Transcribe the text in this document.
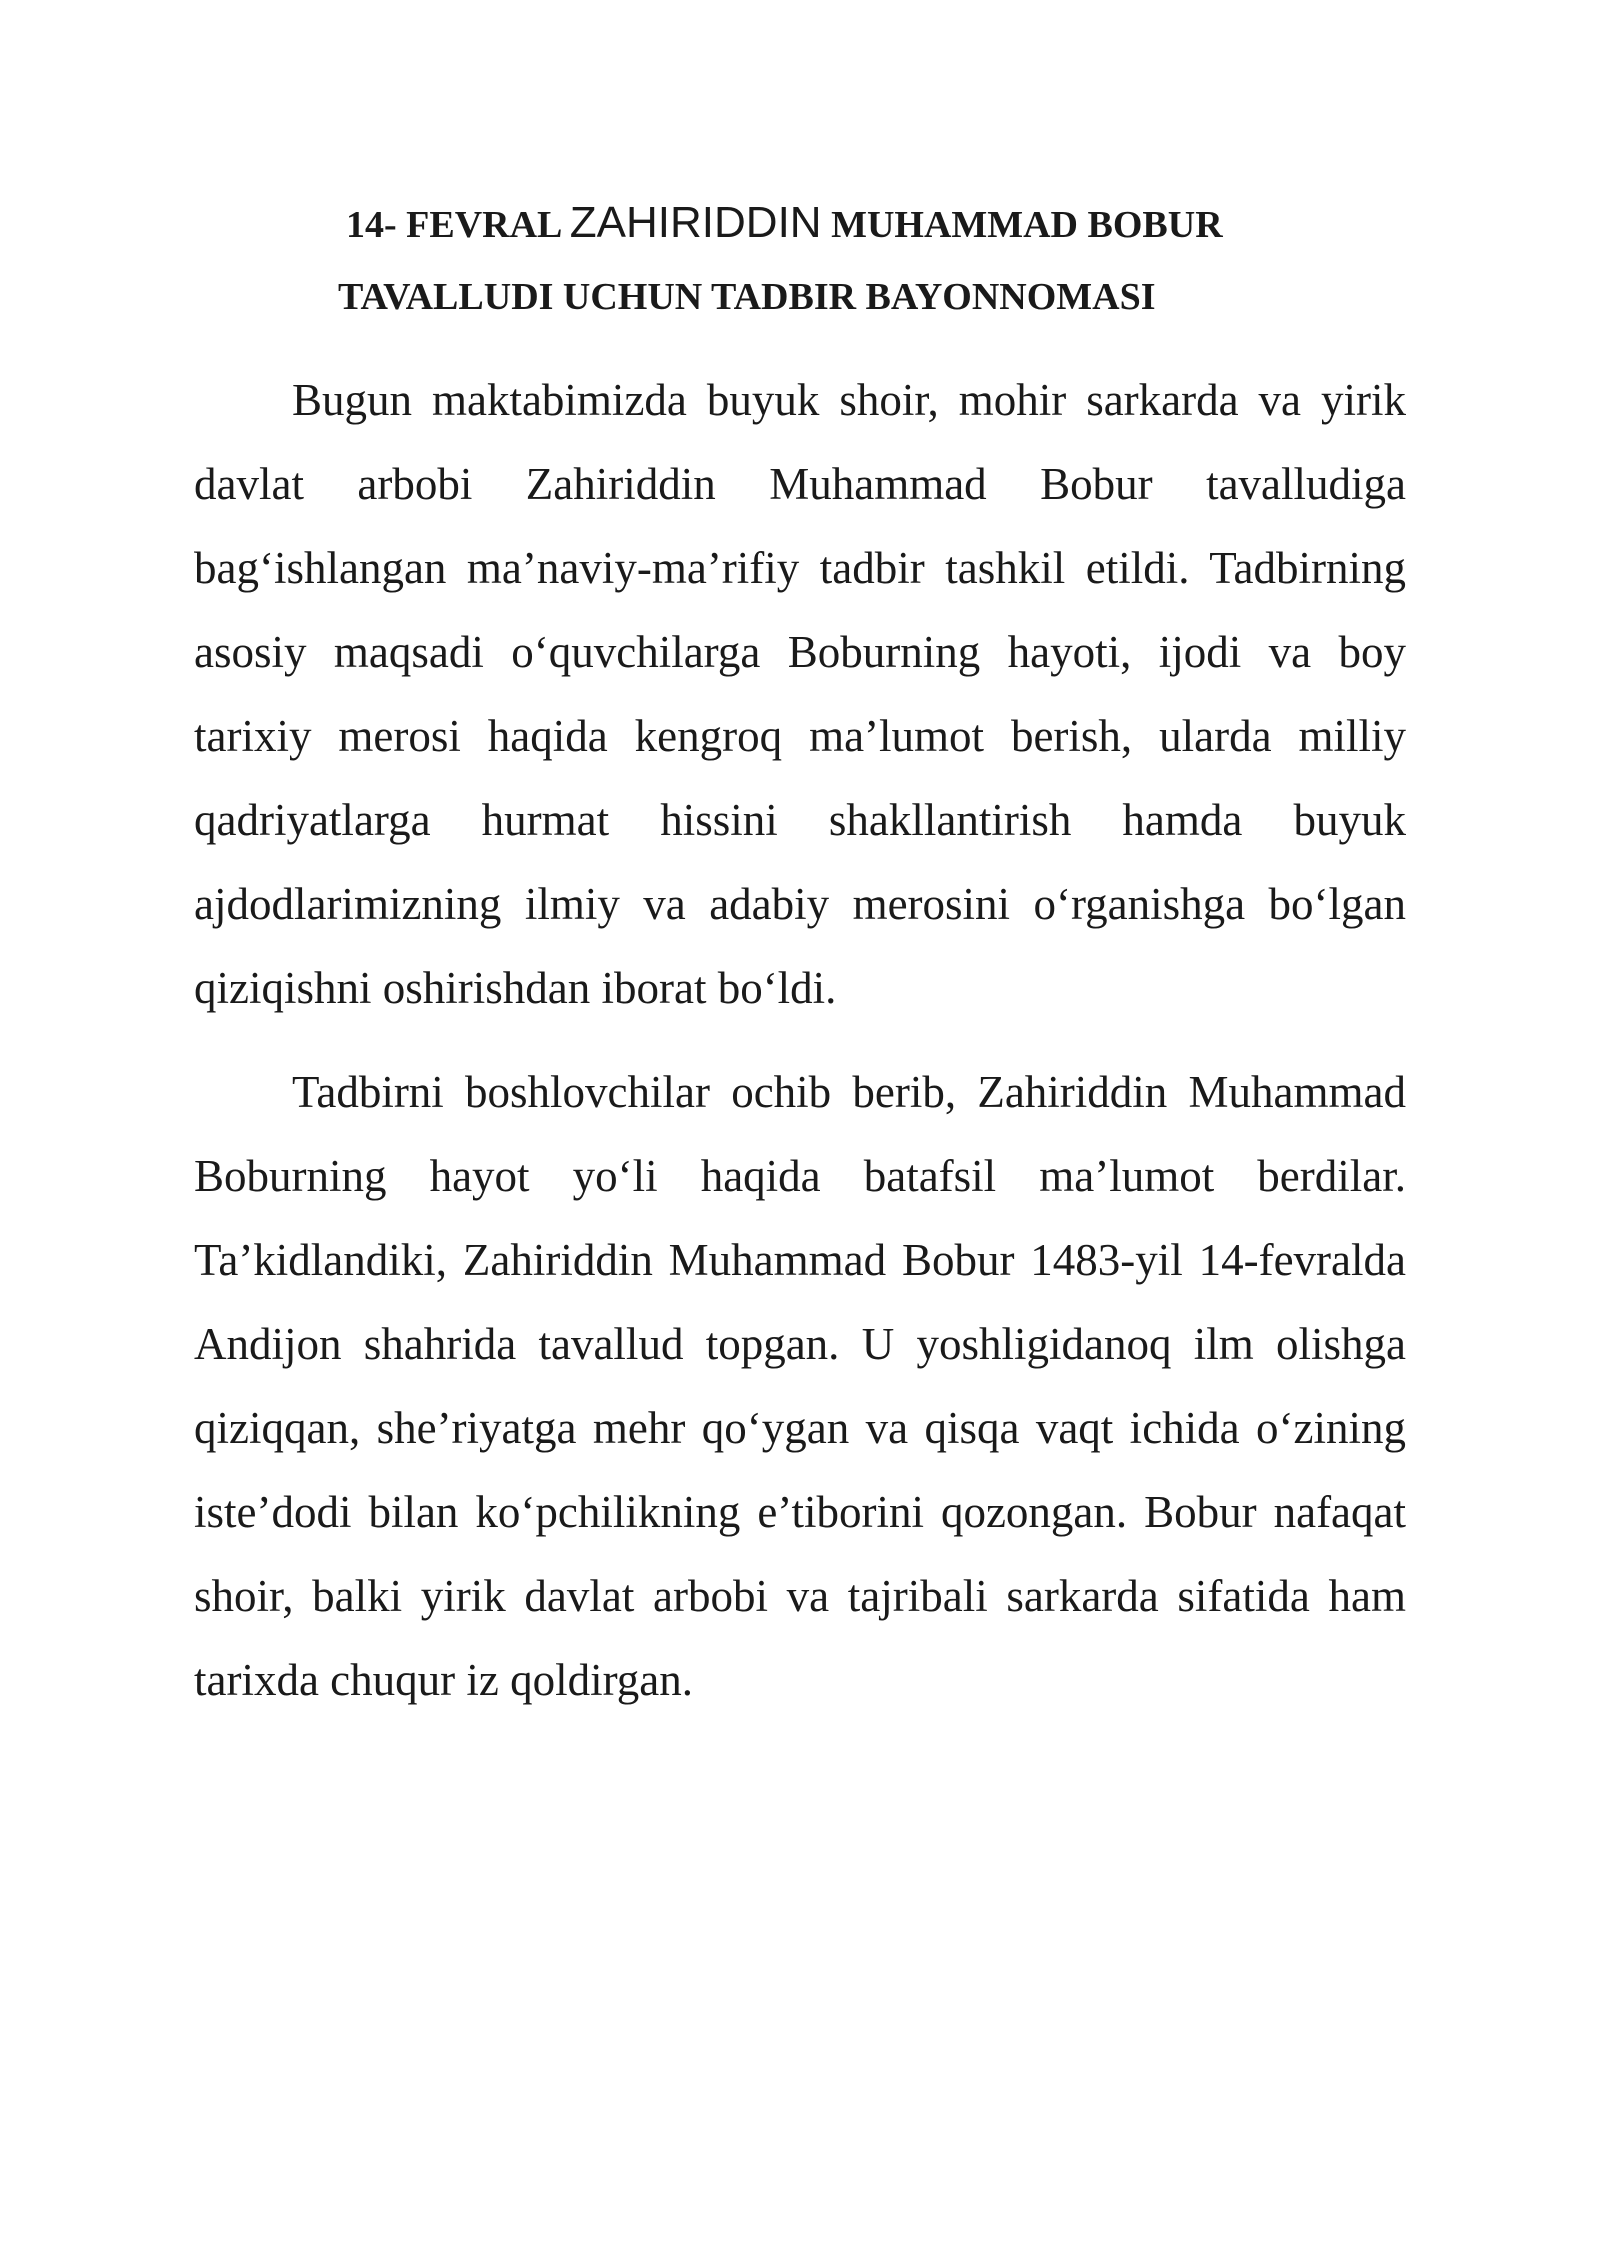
14- FEVRAL ZAHIRIDDIN MUHAMMAD BOBUR
TAVALLUDI UCHUN TADBIR BAYONNOMASI

Bugun maktabimizda buyuk shoir, mohir sarkarda va yirik davlat arbobi Zahiriddin Muhammad Bobur tavalludiga bag‘ishlangan ma’naviy-ma’rifiy tadbir tashkil etildi. Tadbirning asosiy maqsadi o‘quvchilarga Boburning hayoti, ijodi va boy tarixiy merosi haqida kengroq ma’lumot berish, ularda milliy qadriyatlarga hurmat hissini shakllantirish hamda buyuk ajdodlarimizning ilmiy va adabiy merosini o‘rganishga bo‘lgan qiziqishni oshirishdan iborat bo‘ldi.

Tadbirni boshlovchilar ochib berib, Zahiriddin Muhammad Boburning hayot yo‘li haqida batafsil ma’lumot berdilar. Ta’kidlandiki, Zahiriddin Muhammad Bobur 1483-yil 14-fevralda Andijon shahrida tavallud topgan. U yoshligidanoq ilm olishga qiziqqan, she’riyatga mehr qo‘ygan va qisqa vaqt ichida o‘zining iste’dodi bilan ko‘pchilikning e’tiborini qozongan. Bobur nafaqat shoir, balki yirik davlat arbobi va tajribali sarkarda sifatida ham tarixda chuqur iz qoldirgan.
